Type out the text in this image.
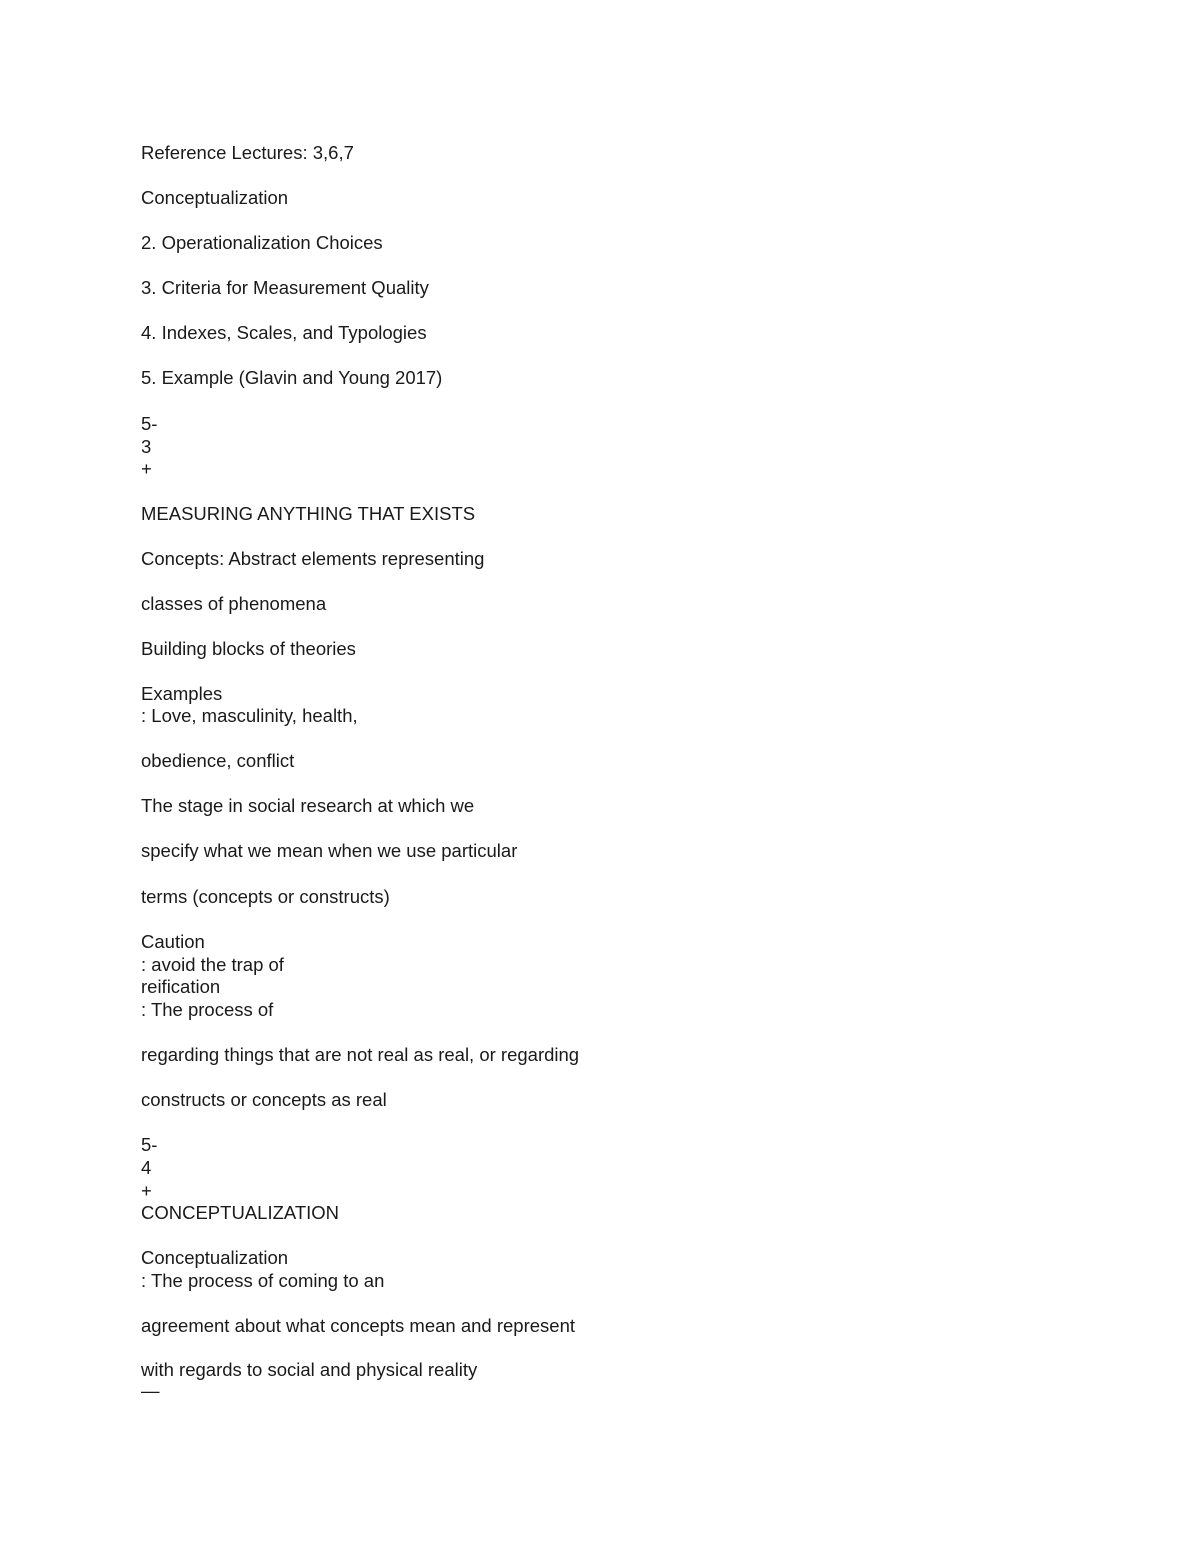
Reference Lectures: 3,6,7
Conceptualization
2. Operationalization Choices
3. Criteria for Measurement Quality
4. Indexes, Scales, and Typologies
5. Example (Glavin and Young 2017)
5-
3
+
MEASURING ANYTHING THAT EXISTS
Concepts: Abstract elements representing
classes of phenomena
Building blocks of theories
Examples
: Love, masculinity, health,
obedience, conflict
The stage in social research at which we
specify what we mean when we use particular
terms (concepts or constructs)
Caution
: avoid the trap of
reification
: The process of
regarding things that are not real as real, or regarding
constructs or concepts as real
5-
4
+
CONCEPTUALIZATION
Conceptualization
: The process of coming to an
agreement about what concepts mean and represent
with regards to social and physical reality
—
